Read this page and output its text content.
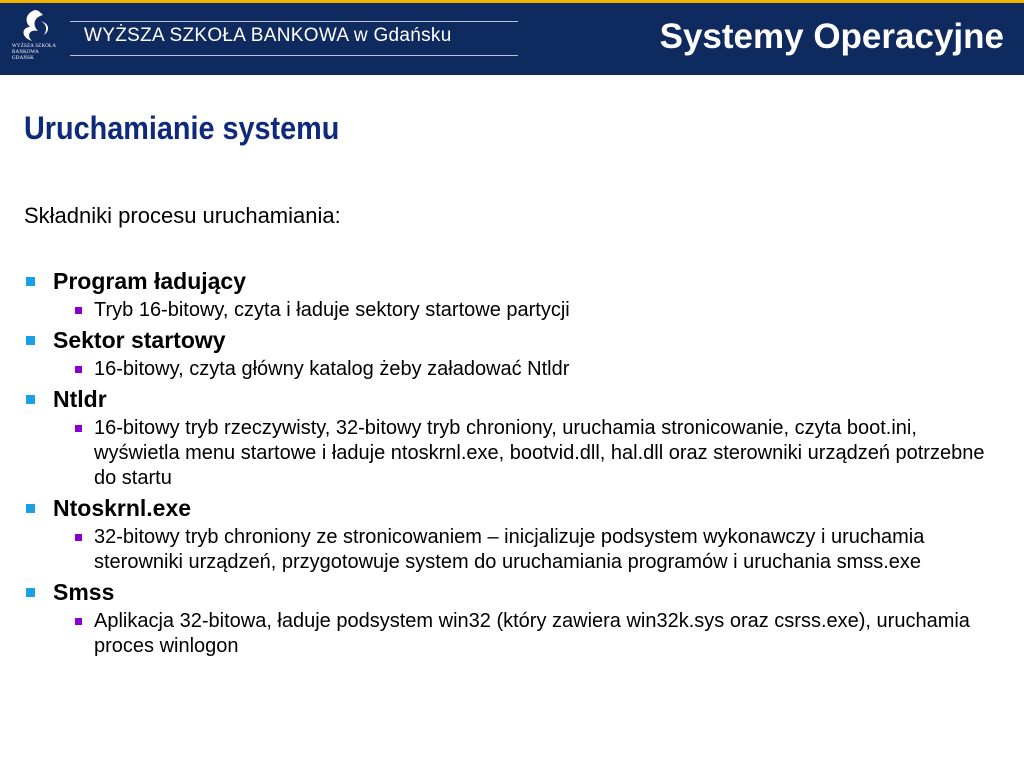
WYŻSZA SZKOŁA BANKOWA GDAŃSK
WYŻSZA SZKOŁA BANKOWA w Gdańsku	Systemy Operacyjne
Uruchamianie systemu
Składniki procesu uruchamiania:
Program ładujący
Tryb 16-bitowy, czyta i ładuje sektory startowe partycji
Sektor startowy
16-bitowy, czyta główny katalog żeby załadować Ntldr
Ntldr
16-bitowy tryb rzeczywisty, 32-bitowy tryb chroniony, uruchamia stronicowanie, czyta boot.ini, wyświetla menu startowe i ładuje ntoskrnl.exe, bootvid.dll, hal.dll oraz sterowniki urządzeń potrzebne do startu
Ntoskrnl.exe
32-bitowy tryb chroniony ze stronicowaniem – inicjalizuje podsystem wykonawczy i uruchamia sterowniki urządzeń, przygotowuje system do uruchamiania programów i uruchania smss.exe
Smss
Aplikacja 32-bitowa, ładuje podsystem win32 (który zawiera win32k.sys oraz csrss.exe), uruchamia proces winlogon
